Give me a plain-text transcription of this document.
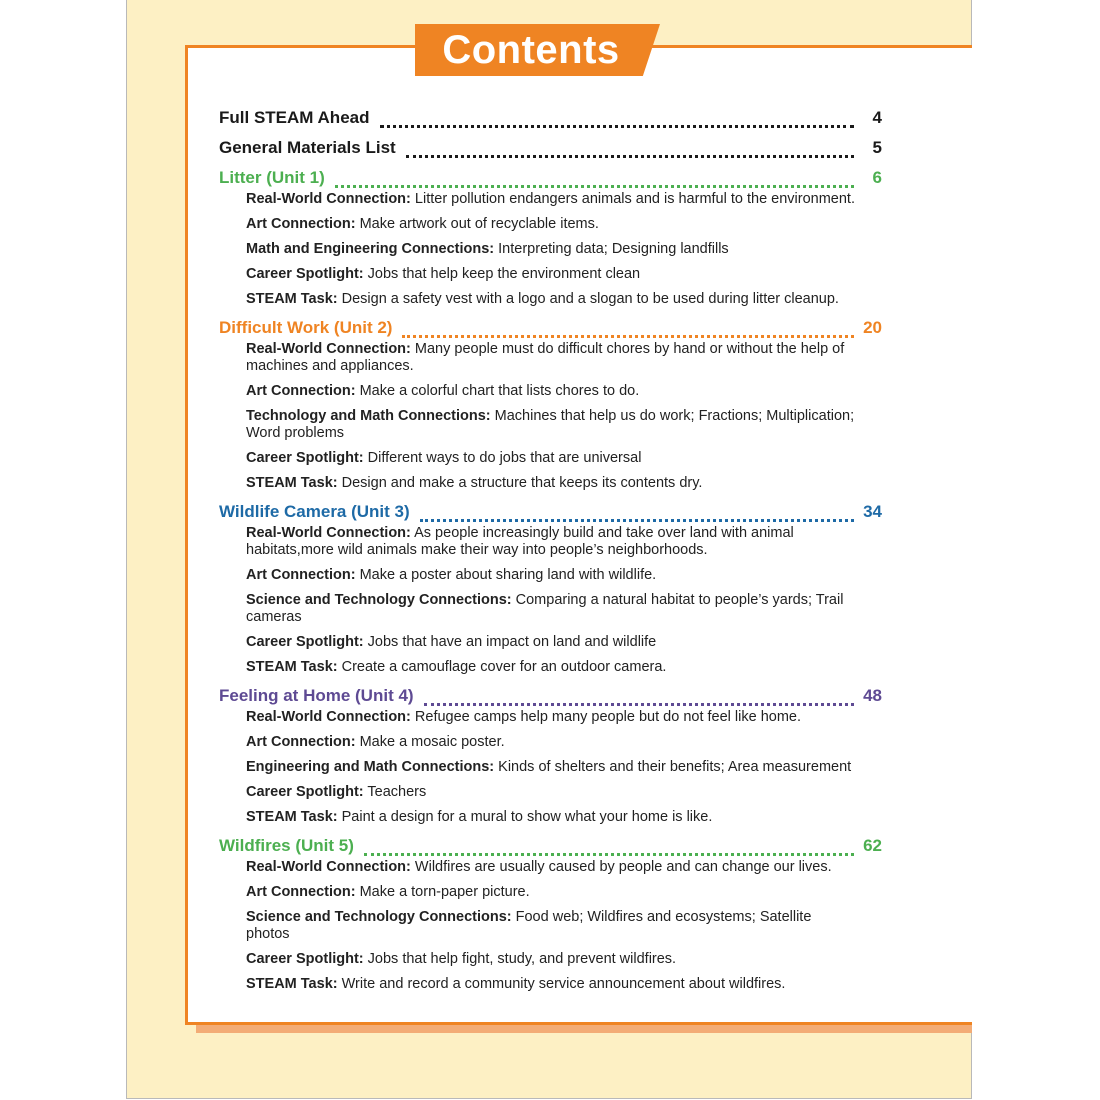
Contents
Full STEAM Ahead	4
General Materials List	5
Litter (Unit 1)	6
Real-World Connection: Litter pollution endangers animals and is harmful to the environment.
Art Connection: Make artwork out of recyclable items.
Math and Engineering Connections: Interpreting data; Designing landfills
Career Spotlight: Jobs that help keep the environment clean
STEAM Task: Design a safety vest with a logo and a slogan to be used during litter cleanup.
Difficult Work (Unit 2)	20
Real-World Connection: Many people must do difficult chores by hand or without the help of machines and appliances.
Art Connection: Make a colorful chart that lists chores to do.
Technology and Math Connections: Machines that help us do work; Fractions; Multiplication; Word problems
Career Spotlight: Different ways to do jobs that are universal
STEAM Task: Design and make a structure that keeps its contents dry.
Wildlife Camera (Unit 3)	34
Real-World Connection: As people increasingly build and take over land with animal habitats,more wild animals make their way into people’s neighborhoods.
Art Connection: Make a poster about sharing land with wildlife.
Science and Technology Connections: Comparing a natural habitat to people’s yards; Trail cameras
Career Spotlight: Jobs that have an impact on land and wildlife
STEAM Task: Create a camouflage cover for an outdoor camera.
Feeling at Home (Unit 4)	48
Real-World Connection: Refugee camps help many people but do not feel like home.
Art Connection: Make a mosaic poster.
Engineering and Math Connections: Kinds of shelters and their benefits; Area measurement
Career Spotlight: Teachers
STEAM Task: Paint a design for a mural to show what your home is like.
Wildfires (Unit 5)	62
Real-World Connection: Wildfires are usually caused by people and can change our lives.
Art Connection: Make a torn-paper picture.
Science and Technology Connections: Food web; Wildfires and ecosystems; Satellite photos
Career Spotlight: Jobs that help fight, study, and prevent wildfires.
STEAM Task: Write and record a community service announcement about wildfires.
